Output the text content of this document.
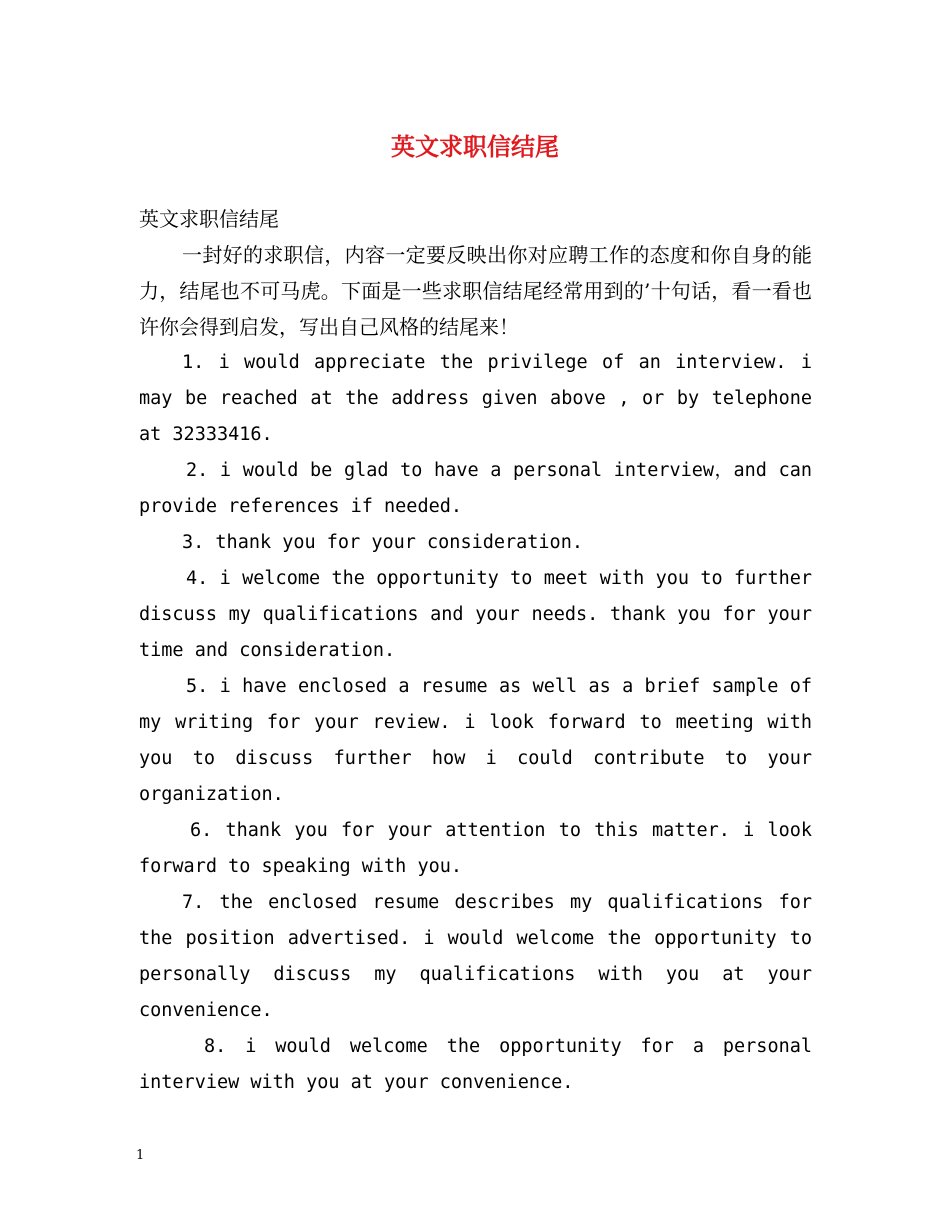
英文求职信结尾

英文求职信结尾

一封好的求职信，内容一定要反映出你对应聘工作的态度和你自身的能力，结尾也不可马虎。下面是一些求职信结尾经常用到的’十句话，看一看也许你会得到启发，写出自己风格的结尾来！

1. i would appreciate the privilege of an interview. i may be reached at the address given above , or by telephone at 32333416.

2. i would be glad to have a personal interview，and can provide references if needed.

3. thank you for your consideration.

4. i welcome the opportunity to meet with you to further discuss my qualifications and your needs. thank you for your time and consideration.

5. i have enclosed a resume as well as a brief sample of my writing for your review. i look forward to meeting with you to discuss further how i could contribute to your organization.

6. thank you for your attention to this matter. i look forward to speaking with you.

7. the enclosed resume describes my qualifications for the position advertised. i would welcome the opportunity to personally discuss my qualifications with you at your convenience.

8. i would welcome the opportunity for a personal interview with you at your convenience.

1
